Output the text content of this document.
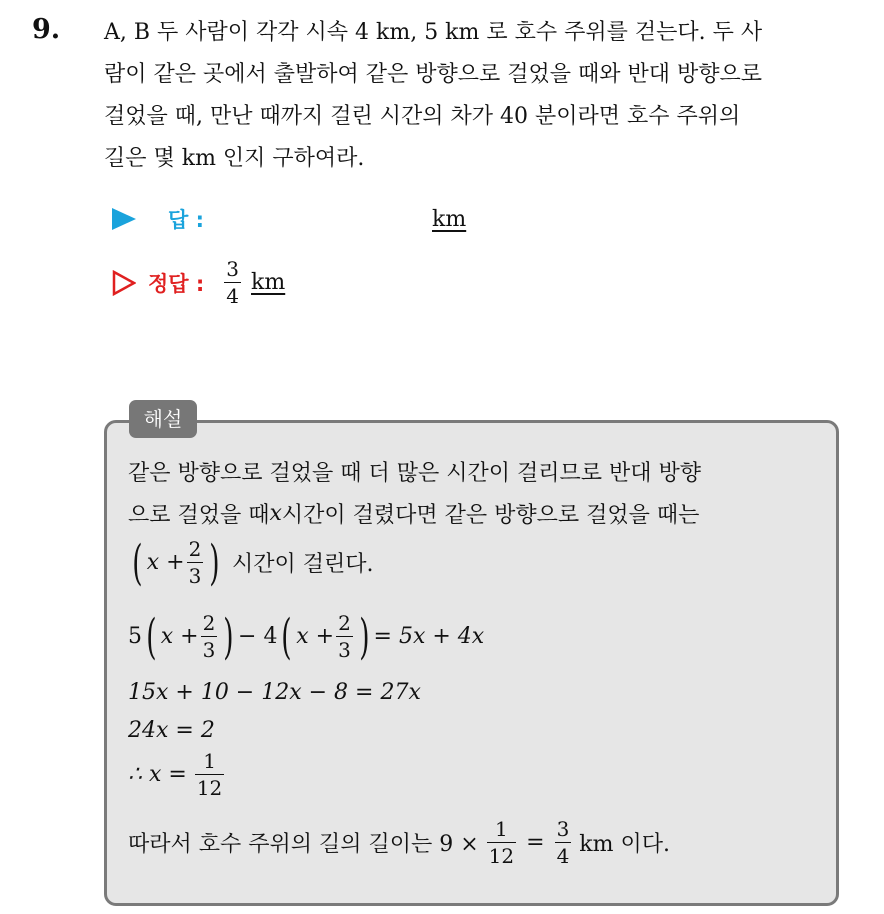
9. A, B 두 사람이 각각 시속 4 km, 5 km 로 호수 주위를 걷는다. 두 사
람이 같은 곳에서 출발하여 같은 방향으로 걸었을 때와 반대 방향으로
걸었을 때, 만난 때까지 걸린 시간의 차가 40 분이라면 호수 주위의
길은 몇 km 인지 구하여라.
답 :	km
정답 : $\frac{3}{4}$ km
해설
같은 방향으로 걸었을 때 더 많은 시간이 걸리므로 반대 방향
으로 걸었을 때 x 시간이 걸렸다면 같은 방향으로 걸었을 때는
( $x + \frac{2}{3}$ ) 시간이 걸린다.
5 ( $x + \frac{2}{3}$ ) − 4 ( $x + \frac{2}{3}$ ) = 5x + 4x
15x + 10 − 12x − 8 = 27x
24x = 2
∴ $x = \frac{1}{12}$
따라서 호수 주위의 길의 길이는 $9 \times \frac{1}{12} = \frac{3}{4}$ km 이다.
